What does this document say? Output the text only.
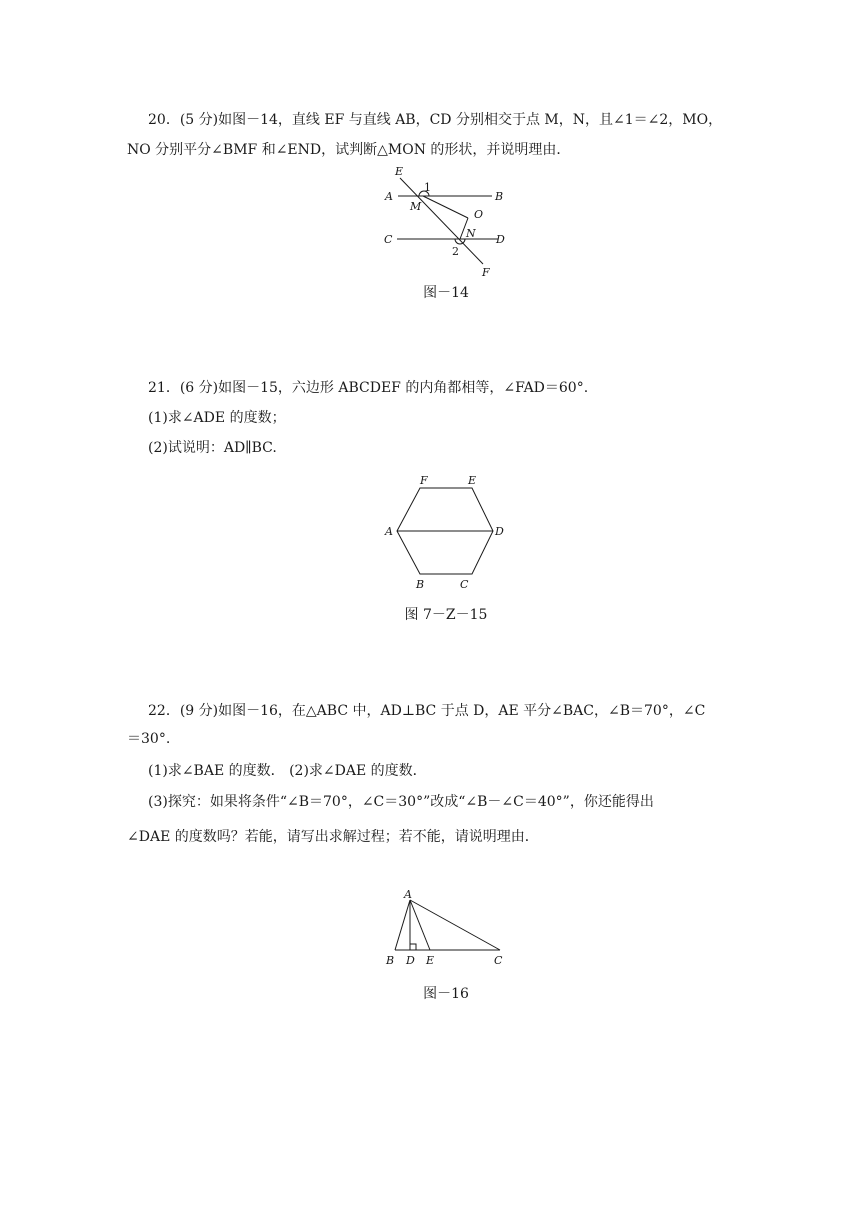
20．(5 分)如图－14，直线 EF 与直线 AB，CD 分别相交于点 M，N，且∠1＝∠2，MO，
NO 分别平分∠BMF 和∠END，试判断△MON 的形状，并说明理由．
E
A
M
1
B
O
C	N D
2
F
图－14
21．(6 分)如图－15，六边形 ABCDEF 的内角都相等，∠FAD＝60°.
(1)求∠ADE 的度数；
(2)试说明：AD∥BC.
F	E
A	D
B	C
图 7－Z－15
22．(9 分)如图－16，在△ABC 中，AD⊥BC 于点 D，AE 平分∠BAC，∠B＝70°，∠C
＝30°.
(1)求∠BAE 的度数． (2)求∠DAE 的度数．
(3)探究：如果将条件“∠B＝70°，∠C＝30°”改成“∠B－∠C＝40°”，你还能得出
∠DAE 的度数吗？若能，请写出求解过程；若不能，请说明理由．
A
B D E	C
图－16
